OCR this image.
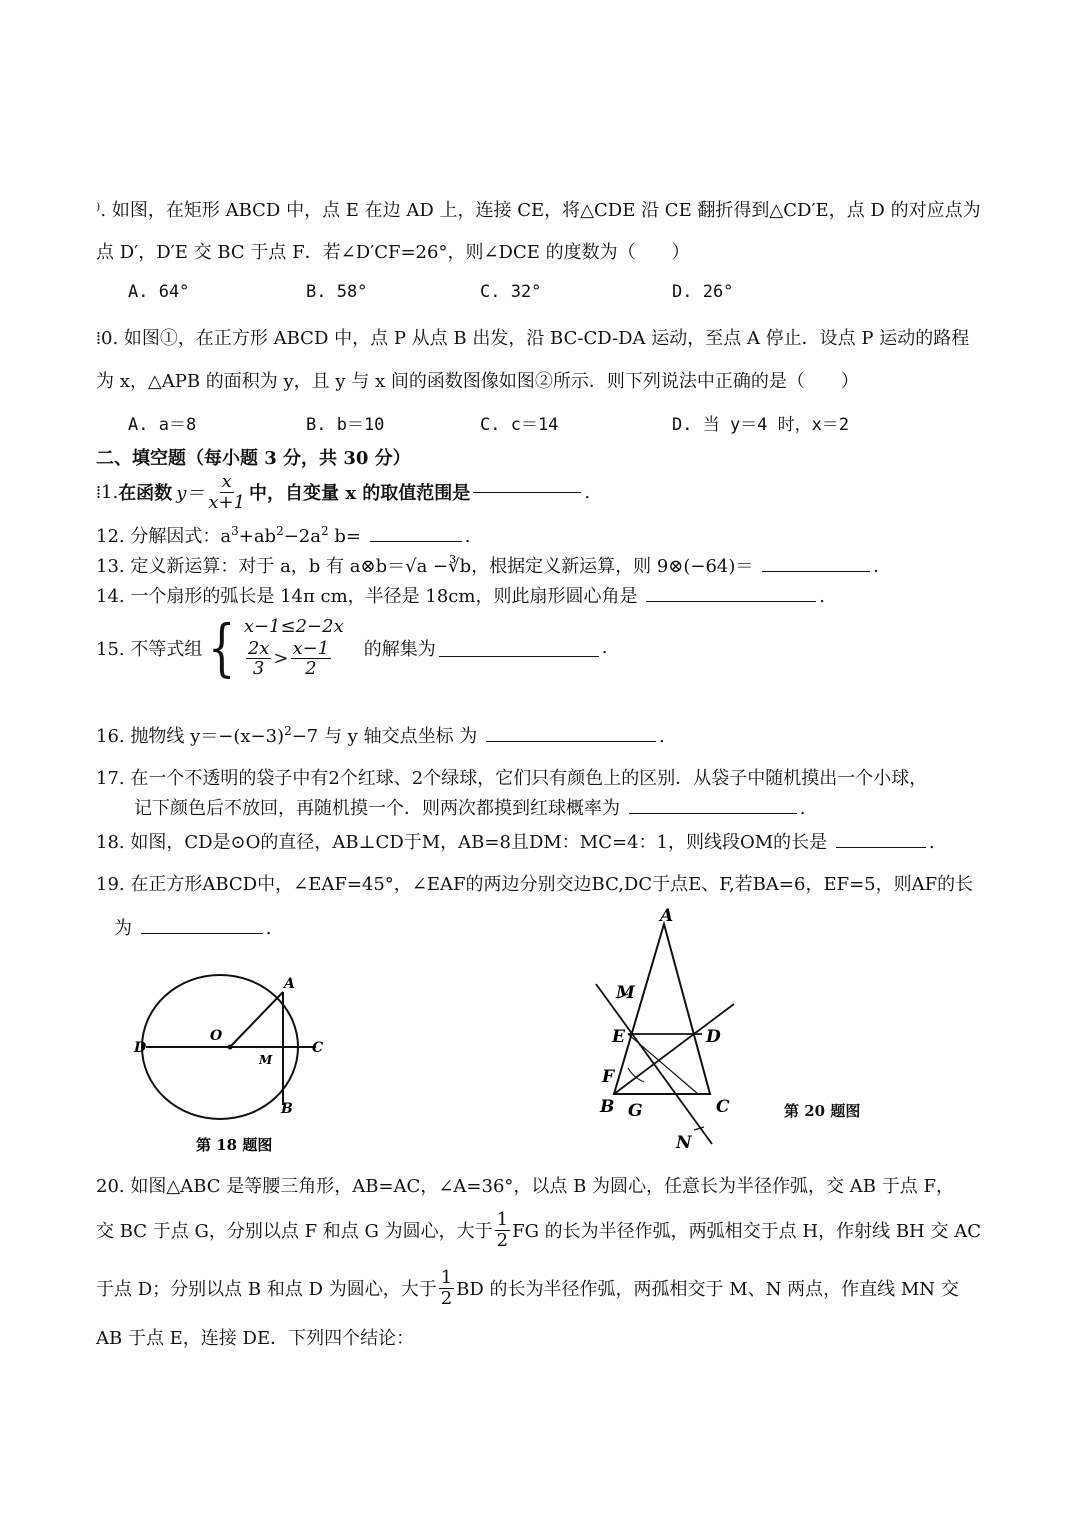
⁾. 如图，在矩形 ABCD 中，点 E 在边 AD 上，连接 CE，将△CDE 沿 CE 翻折得到△CD′E，点 D 的对应点为
点 D′，D′E 交 BC 于点 F．若∠D′CF=26°，则∠DCE 的度数为（　　）
A. 64°	B. 58°	C. 32°	D. 26°
⁞0. 如图①，在正方形 ABCD 中，点 P 从点 B 出发，沿 BC-CD-DA 运动，至点 A 停止．设点 P 运动的路程
为 x，△APB 的面积为 y，且 y 与 x 间的函数图像如图②所示．则下列说法中正确的是（　　）
A. a＝8	B. b＝10	C. c＝14	D. 当 y＝4 时，x＝2
二、填空题（每小题 3 分，共 30 分）
⁞1. 在函数 $y= \frac{x}{x+1}$ 中，自变量 x 的取值范围是	.
12. 分解因式：$a^3+ab^2-2a^2$ b=	.
13. 定义新运算：对于 a，b 有 a⊗b＝√a −∛b，根据定义新运算，则 9⊗(−64)＝	.
14. 一个扇形的弧长是 14π cm，半径是 18cm，则此扇形圆心角是	.
15. 不等式组 { x−1≤2−2x
$\frac{2x}{3} > \frac{x-1}{2}$ 的解集为	.
16. 抛物线 $y=-(x-3)^2-7$ 与 y 轴交点坐标 为	.
17. 在一个不透明的袋子中有2个红球、2个绿球，它们只有颜色上的区别．从袋子中随机摸出一个小球，
记下颜色后不放回，再随机摸一个．则两次都摸到红球概率为	.
18. 如图，CD是⊙O的直径，AB⊥CD于M，AB=8且DM：MC=4：1，则线段OM的长是	.
19. 在正方形ABCD中，∠EAF=45°，∠EAF的两边分别交边BC,DC于点E、F,若BA=6，EF=5，则AF的长
为	.
A
B
C
D
O
M
第 18 题图
A
B	C
D
E
F
G
M
N
第 20 题图
20. 如图△ABC 是等腰三角形，AB=AC，∠A=36°，以点 B 为圆心，任意长为半径作弧，交 AB 于点 F，
交 BC 于点 G，分别以点 F 和点 G 为圆心，大于 $\frac{1}{2}$ FG 的长为半径作弧，两弧相交于点 H，作射线 BH 交 AC
于点 D；分别以点 B 和点 D 为圆心，大于 $\frac{1}{2}$ BD 的长为半径作弧，两孤相交于 M、N 两点，作直线 MN 交
AB 于点 E，连接 DE．下列四个结论：
